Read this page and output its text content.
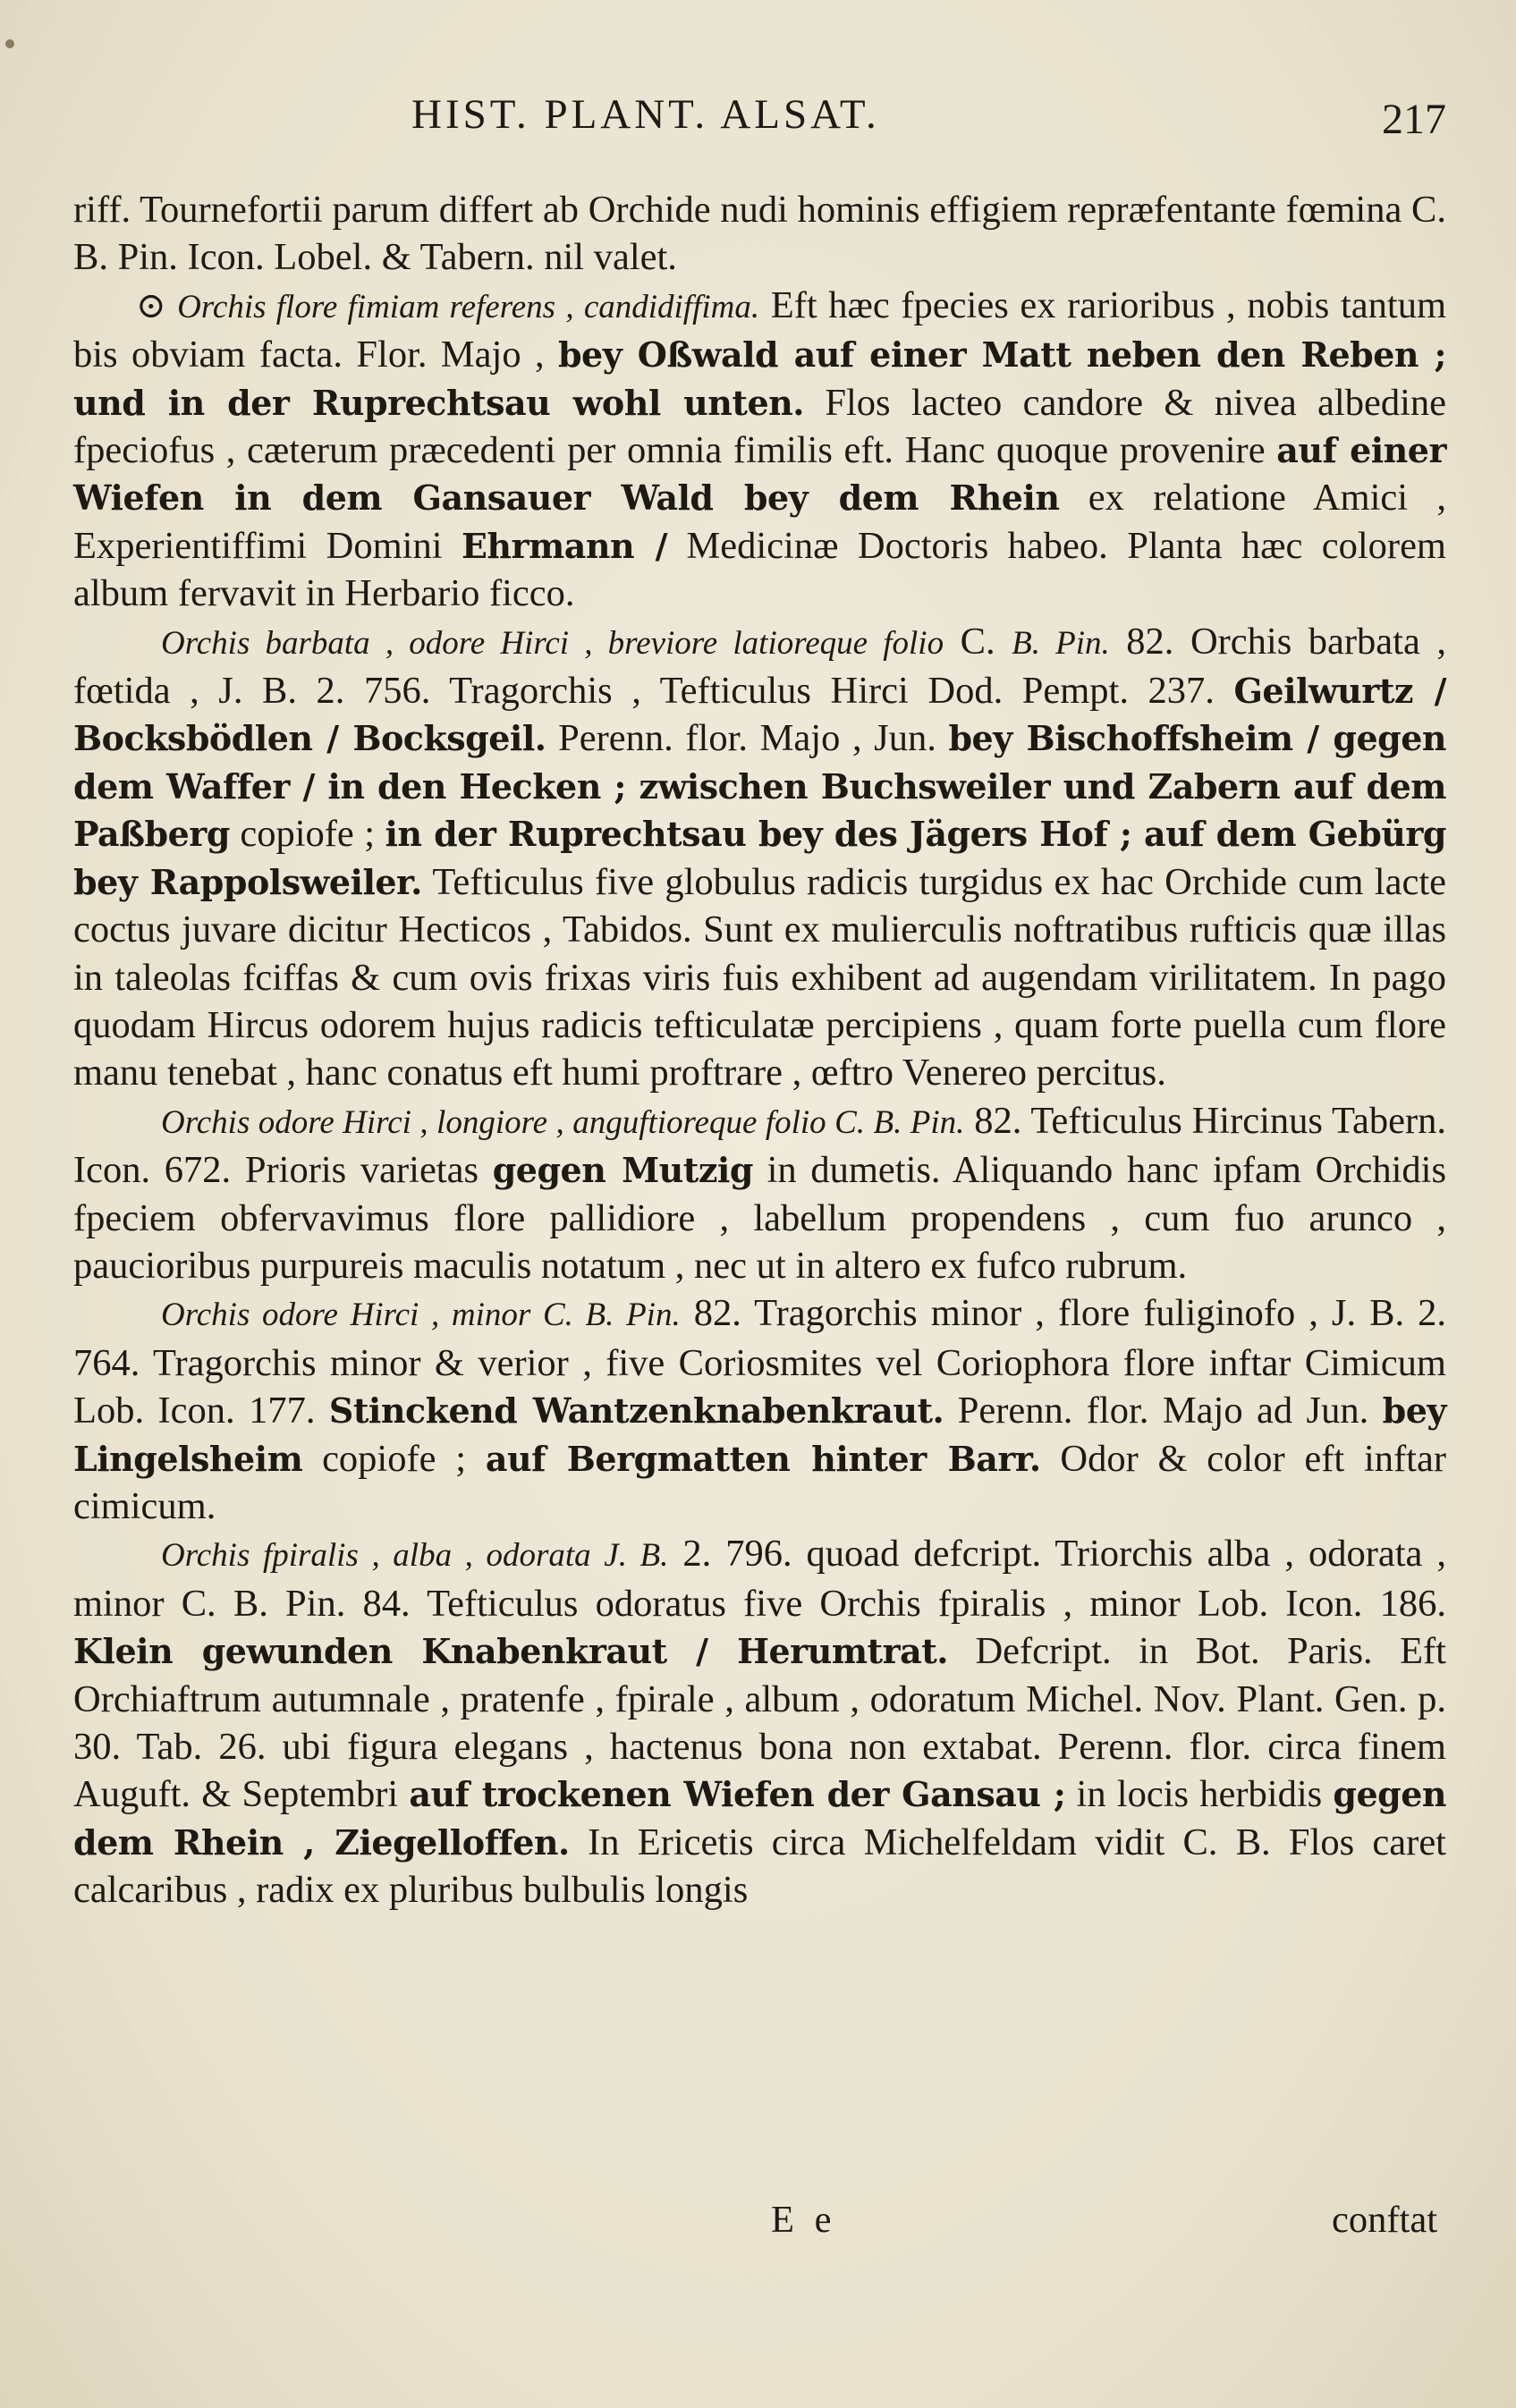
HIST. PLANT. ALSAT.	217

riff. Tournefortii parum differt ab Orchide nudi hominis effigiem repræfentante fœmina C. B. Pin. Icon. Lobel. & Tabern. nil valet.

⊙ Orchis flore fimiam referens , candidiffima. Eft hæc fpecies ex rarioribus , nobis tantum bis obviam facta. Flor. Majo , bey Oßwald auf einer Matt neben den Reben ; und in der Ruprechtsau wohl unten. Flos lacteo candore & nivea albedine fpeciofus , cæterum præcedenti per omnia fimilis eft. Hanc quoque provenire auf einer Wiefen in dem Gansauer Wald bey dem Rhein ex relatione Amici , Experientiffimi Domini Ehrmann / Medicinæ Doctoris habeo. Planta hæc colorem album fervavit in Herbario ficco.

Orchis barbata , odore Hirci , breviore latioreque folio C. B. Pin. 82. Orchis barbata , fœtida , J. B. 2. 756. Tragorchis , Tefticulus Hirci Dod. Pempt. 237. Geilwurtz / Bocksbödlen / Bocksgeil. Perenn. flor. Majo , Jun. bey Bischoffsheim / gegen dem Waffer / in den Hecken ; zwischen Buchsweiler und Zabern auf dem Paßberg copiofe ; in der Ruprechtsau bey des Jägers Hof ; auf dem Gebürg bey Rappolsweiler. Tefticulus five globulus radicis turgidus ex hac Orchide cum lacte coctus juvare dicitur Hecticos , Tabidos. Sunt ex mulierculis noftratibus rufticis quæ illas in taleolas fciffas & cum ovis frixas viris fuis exhibent ad augendam virilitatem. In pago quodam Hircus odorem hujus radicis tefticulatæ percipiens , quam forte puella cum flore manu tenebat , hanc conatus eft humi proftrare , œftro Venereo percitus.

Orchis odore Hirci , longiore , anguftioreque folio C. B. Pin. 82. Tefticulus Hircinus Tabern. Icon. 672. Prioris varietas gegen Mutzig in dumetis. Aliquando hanc ipfam Orchidis fpeciem obfervavimus flore pallidiore , labellum propendens , cum fuo arunco , paucioribus purpureis maculis notatum , nec ut in altero ex fufco rubrum.

Orchis odore Hirci , minor C. B. Pin. 82. Tragorchis minor , flore fuliginofo , J. B. 2. 764. Tragorchis minor & verior , five Coriosmites vel Coriophora flore inftar Cimicum Lob. Icon. 177. Stinckend Wantzenknabenkraut. Perenn. flor. Majo ad Jun. bey Lingelsheim copiofe ; auf Bergmatten hinter Barr. Odor & color eft inftar cimicum.

Orchis fpiralis , alba , odorata J. B. 2. 796. quoad defcript. Triorchis alba , odorata , minor C. B. Pin. 84. Tefticulus odoratus five Orchis fpiralis , minor Lob. Icon. 186. Klein gewunden Knabenkraut / Herumtrat. Defcript. in Bot. Paris. Eft Orchiaftrum autumnale , pratenfe , fpirale , album , odoratum Michel. Nov. Plant. Gen. p. 30. Tab. 26. ubi figura elegans , hactenus bona non extabat. Perenn. flor. circa finem Auguft. & Septembri auf trockenen Wiefen der Gansau ; in locis herbidis gegen dem Rhein , Ziegelloffen. In Ericetis circa Michelfeldam vidit C. B. Flos caret calcaribus , radix ex pluribus bulbulis longis

E e	conftat
